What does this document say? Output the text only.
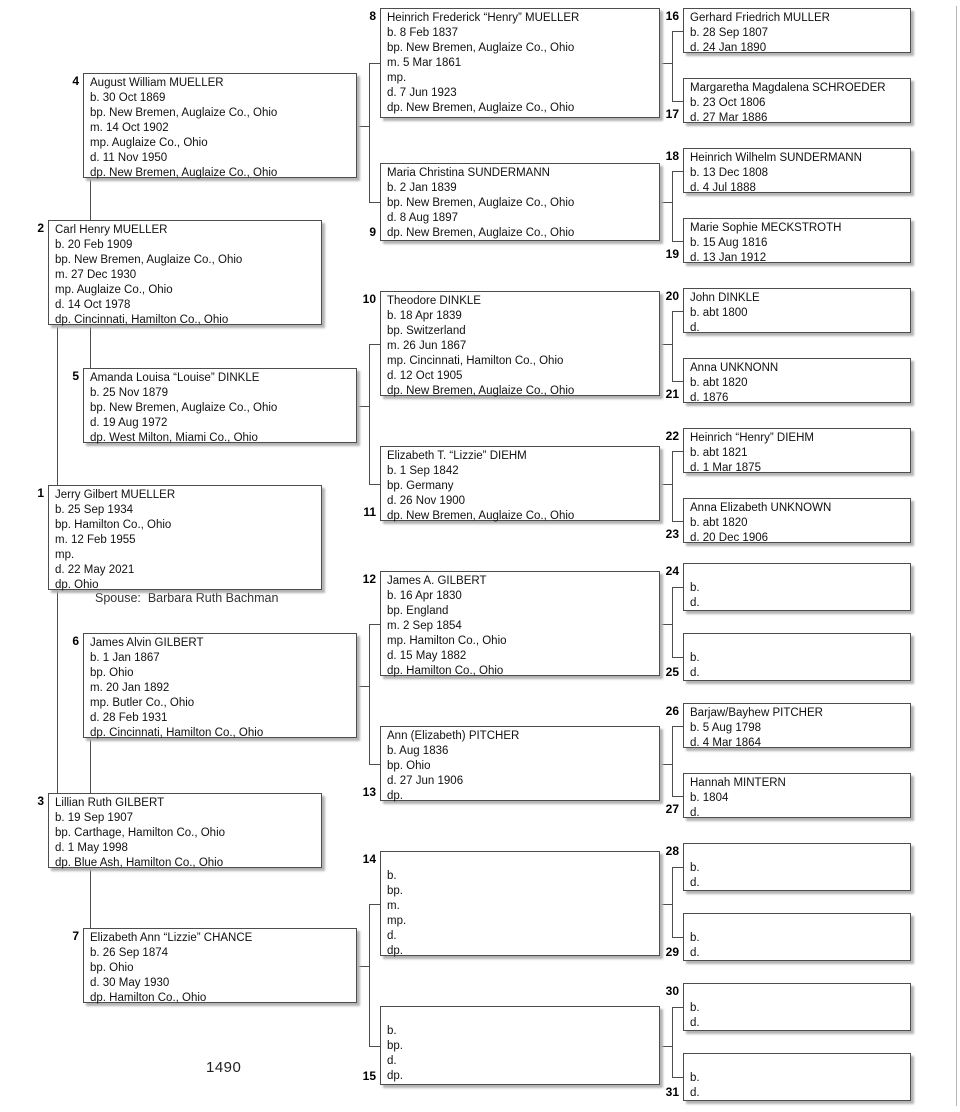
Spouse:  Barbara Ruth Bachman
1490
1 Jerry Gilbert MUELLER
b. 25 Sep 1934
bp. Hamilton Co., Ohio
m. 12 Feb 1955
mp.
d. 22 May 2021
dp. Ohio
2 Carl Henry MUELLER
b. 20 Feb 1909
bp. New Bremen, Auglaize Co., Ohio
m. 27 Dec 1930
mp. Auglaize Co., Ohio
d. 14 Oct 1978
dp. Cincinnati, Hamilton Co., Ohio
3 Lillian Ruth GILBERT
b. 19 Sep 1907
bp. Carthage, Hamilton Co., Ohio
d. 1 May 1998
dp. Blue Ash, Hamilton Co., Ohio
4 August William MUELLER
b. 30 Oct 1869
bp. New Bremen, Auglaize Co., Ohio
m. 14 Oct 1902
mp. Auglaize Co., Ohio
d. 11 Nov 1950
dp. New Bremen, Auglaize Co., Ohio
5 Amanda Louisa “Louise” DINKLE
b. 25 Nov 1879
bp. New Bremen, Auglaize Co., Ohio
d. 19 Aug 1972
dp. West Milton, Miami Co., Ohio
6 James Alvin GILBERT
b. 1 Jan 1867
bp. Ohio
m. 20 Jan 1892
mp. Butler Co., Ohio
d. 28 Feb 1931
dp. Cincinnati, Hamilton Co., Ohio
7 Elizabeth Ann “Lizzie” CHANCE
b. 26 Sep 1874
bp. Ohio
d. 30 May 1930
dp. Hamilton Co., Ohio
8 Heinrich Frederick “Henry” MUELLER
b. 8 Feb 1837
bp. New Bremen, Auglaize Co., Ohio
m. 5 Mar 1861
mp.
d. 7 Jun 1923
dp. New Bremen, Auglaize Co., Ohio
9
Maria Christina SUNDERMANN
b. 2 Jan 1839
bp. New Bremen, Auglaize Co., Ohio
d. 8 Aug 1897
dp. New Bremen, Auglaize Co., Ohio
10 Theodore DINKLE
b. 18 Apr 1839
bp. Switzerland
m. 26 Jun 1867
mp. Cincinnati, Hamilton Co., Ohio
d. 12 Oct 1905
dp. New Bremen, Auglaize Co., Ohio
11
Elizabeth T. “Lizzie” DIEHM
b. 1 Sep 1842
bp. Germany
d. 26 Nov 1900
dp. New Bremen, Auglaize Co., Ohio
12 James A. GILBERT
b. 16 Apr 1830
bp. England
m. 2 Sep 1854
mp. Hamilton Co., Ohio
d. 15 May 1882
dp. Hamilton Co., Ohio
13
Ann (Elizabeth) PITCHER
b. Aug 1836
bp. Ohio
d. 27 Jun 1906
dp.
14
b.
bp.
m.
mp.
d.
dp.
15
b.
bp.
d.
dp.
16 Gerhard Friedrich MULLER
b. 28 Sep 1807
d. 24 Jan 1890
17
Margaretha Magdalena SCHROEDER
b. 23 Oct 1806
d. 27 Mar 1886
18 Heinrich Wilhelm SUNDERMANN
b. 13 Dec 1808
d. 4 Jul 1888
19
Marie Sophie MECKSTROTH
b. 15 Aug 1816
d. 13 Jan 1912
20 John DINKLE
b. abt 1800
d.
21
Anna UNKNONN
b. abt 1820
d. 1876
22 Heinrich “Henry” DIEHM
b. abt 1821
d. 1 Mar 1875
23
Anna Elizabeth UNKNOWN
b. abt 1820
d. 20 Dec 1906
24
b.
d.
25
b.
d.
26 Barjaw/Bayhew PITCHER
b. 5 Aug 1798
d. 4 Mar 1864
27
Hannah MINTERN
b. 1804
d.
28
b.
d.
29
b.
d.
30
b.
d.
31
b.
d.
